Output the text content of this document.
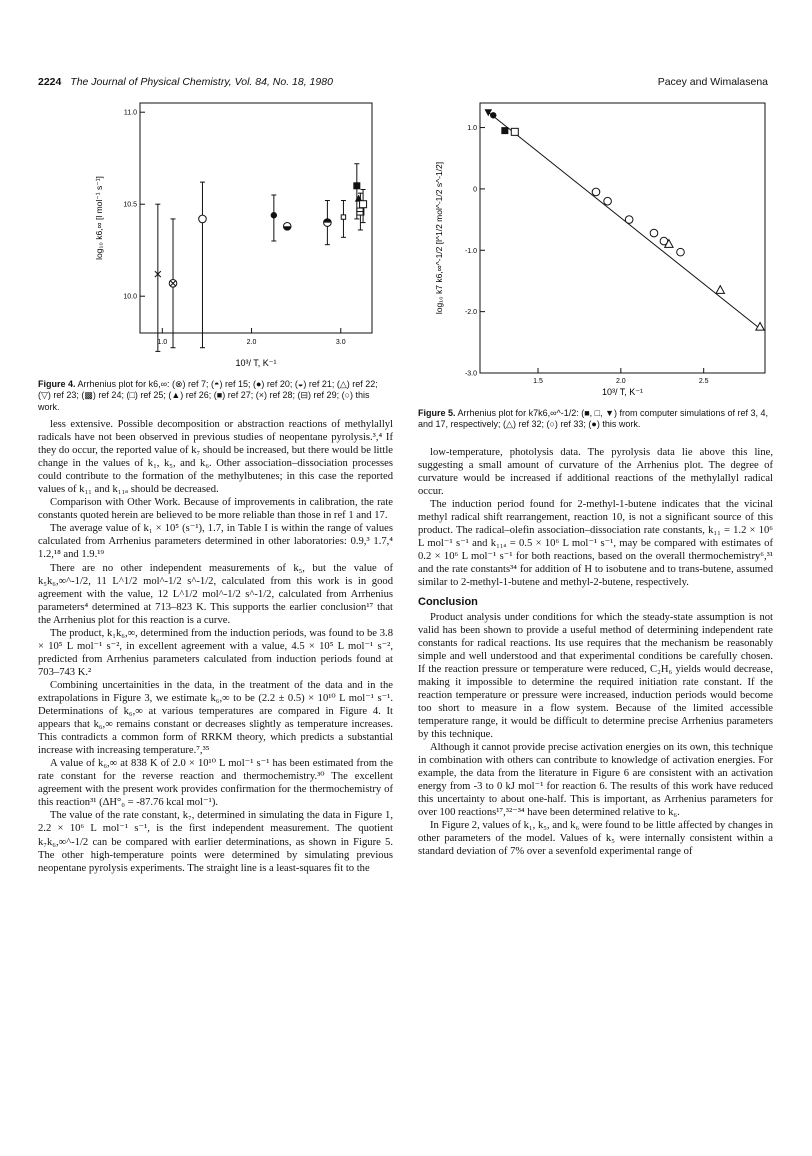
2224 The Journal of Physical Chemistry, Vol. 84, No. 18, 1980	Pacey and Wimalasena
1.0	2.0	3.0
10.0
10.5
11.0
10³/ T, K⁻¹
log₁₀ k6,∞ [l mol⁻¹ s⁻¹]
Figure 4. Arrhenius plot for k6,∞: (⊗) ref 7; (◓) ref 15; (●) ref 20; (◒) ref 21; (△) ref 22; (▽) ref 23; (▩) ref 24; (□) ref 25; (▲) ref 26; (■) ref 27; (×) ref 28; (⊟) ref 29; (○) this work.

less extensive. Possible decomposition or abstraction reactions of methylallyl radicals have not been observed in previous studies of neopentane pyrolysis.³,⁴ If they do occur, the reported value of k₇ should be increased, but there would be little change in the values of k₁, k₅, and k₆. Other association–dissociation processes could contribute to the formation of the methylbutenes; in this case the reported values of k₁₁ and k₁₁ₐ should be decreased.

Comparison with Other Work. Because of improvements in calibration, the rate constants quoted herein are believed to be more reliable than those in ref 1 and 17.

The average value of k₁ × 10⁵ (s⁻¹), 1.7, in Table I is within the range of values calculated from Arrhenius parameters determined in other laboratories: 0.9,³ 1.7,⁴ 1.2,¹⁸ and 1.9.¹⁹

There are no other independent measurements of k₅, but the value of k₅k₆,∞^-1/2, 11 L^1/2 mol^-1/2 s^-1/2, calculated from this work is in good agreement with the value, 12 L^1/2 mol^-1/2 s^-1/2, calculated from Arrhenius parameters⁴ determined at 713–823 K. This supports the earlier conclusion¹⁷ that the Arrhenius plot for this reaction is a curve.

The product, k₁k₆,∞, determined from the induction periods, was found to be 3.8 × 10⁵ L mol⁻¹ s⁻², in excellent agreement with a value, 4.5 × 10⁵ L mol⁻¹ s⁻², predicted from Arrhenius parameters calculated from induction periods found at 703–743 K.²

Combining uncertainities in the data, in the treatment of the data and in the extrapolations in Figure 3, we estimate k₆,∞ to be (2.2 ± 0.5) × 10¹⁰ L mol⁻¹ s⁻¹. Determinations of k₆,∞ at various temperatures are compared in Figure 4. It appears that k₆,∞ remains constant or decreases slightly as temperature increases. This contradicts a common form of RRKM theory, which predicts a substantial increase with increasing temperature.⁷,³⁵

A value of k₆,∞ at 838 K of 2.0 × 10¹⁰ L mol⁻¹ s⁻¹ has been estimated from the rate constant for the reverse reaction and thermochemistry.³⁰ The excellent agreement with the present work provides confirmation for the thermochemistry of this reaction³¹ (ΔH°₀ = -87.76 kcal mol⁻¹).

The value of the rate constant, k₇, determined in simulating the data in Figure 1, 2.2 × 10⁶ L mol⁻¹ s⁻¹, is the first independent measurement. The quotient k₇k₆,∞^-1/2 can be compared with earlier determinations, as shown in Figure 5. The other high-temperature points were determined by simulating previous neopentane pyrolysis experiments. The straight line is a least-squares fit to the

1.5	2.0	2.5
-3.0
-2.0
-1.0
0
1.0
10³/ T, K⁻¹
log₁₀ k7 k6,∞^-1/2 [l^1/2 mol^-1/2 s^-1/2]
Figure 5. Arrhenius plot for k7k6,∞^-1/2: (■, □, ▼) from computer simulations of ref 3, 4, and 17, respectively; (△) ref 32; (○) ref 33; (●) this work.

low-temperature, photolysis data. The pyrolysis data lie above this line, suggesting a small amount of curvature of the Arrhenius plot. The degree of curvature would be increased if additional reactions of the methylallyl radical occur.

The induction period found for 2-methyl-1-butene indicates that the vicinal methyl radical shift rearrangement, reaction 10, is not a significant source of this product. The radical–olefin association–dissociation rate constants, k₁₁ = 1.2 × 10⁶ L mol⁻¹ s⁻¹ and k₁₁ₐ = 0.5 × 10⁶ L mol⁻¹ s⁻¹, may be compared with estimates of 0.2 × 10⁶ L mol⁻¹ s⁻¹ for both reactions, based on the overall thermochemistry⁶,³¹ and the rate constants³⁴ for addition of H to isobutene and to trans-butene, assumed similar to 2-methyl-1-butene and methyl-2-butene, respectively.

Conclusion

Product analysis under conditions for which the steady-state assumption is not valid has been shown to provide a useful method of determining independent rate constants for radical reactions. Its use requires that the mechanism be reasonably simple and well understood and that experimental conditions be carefully chosen. If the reaction pressure or temperature were reduced, C₂H₆ yields would decrease, making it impossible to determine the required initiation rate constant. If the reaction temperature or pressure were increased, induction periods would become too short to measure in a flow system. Because of the limited accessible temperature range, it would be difficult to determine precise Arrhenius parameters by this technique.

Although it cannot provide precise activation energies on its own, this technique in combination with others can contribute to knowledge of activation energies. For example, the data from the literature in Figure 6 are consistent with an activation energy from -3 to 0 kJ mol⁻¹ for reaction 6. The results of this work have reduced this uncertainty to about one-half. This is important, as Arrhenius parameters for over 100 reactions¹⁷,³²⁻³⁴ have been determined relative to k₆.

In Figure 2, values of k₁, k₅, and k₆ were found to be little affected by changes in other parameters of the model. Values of k₅ were internally consistent within a standard deviation of 7% over a sevenfold experimental range of
